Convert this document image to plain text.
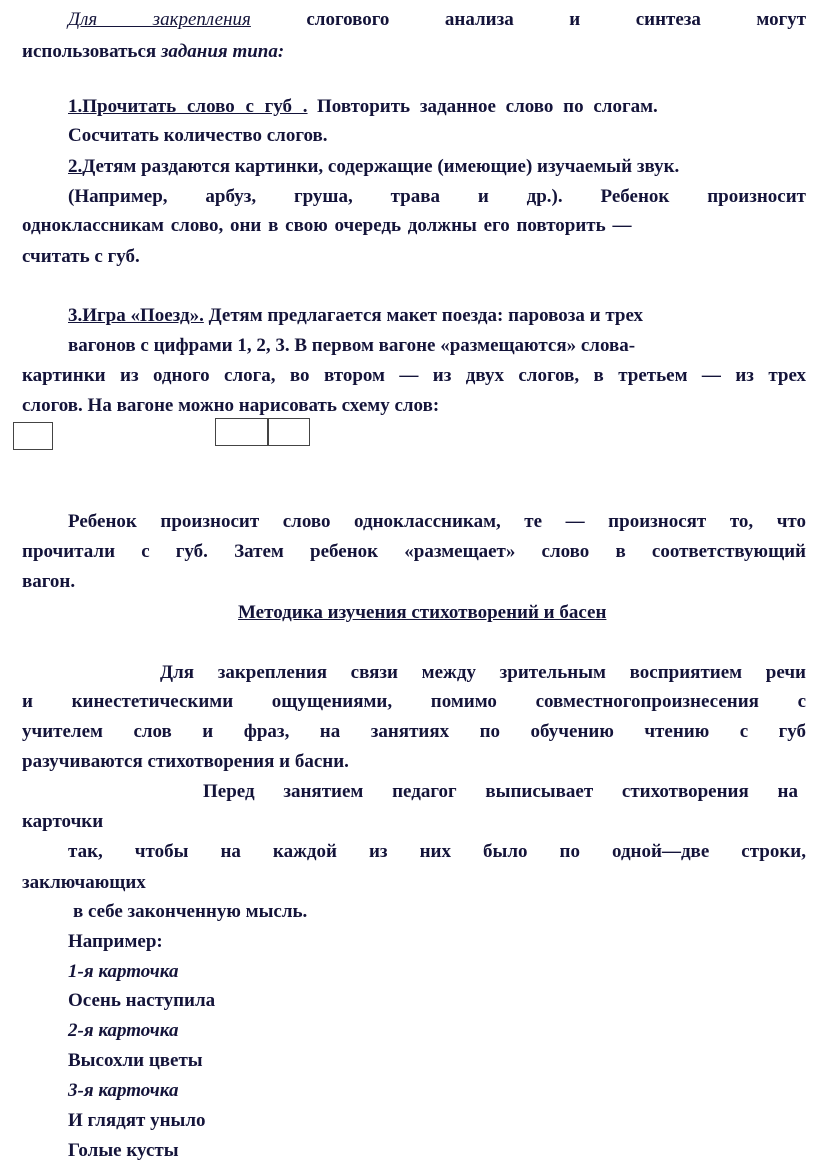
Для закрепления	слогового	анализа	и	синтеза	могут
использоваться задания типа:
1.Прочитать слово с губ . Повторить заданное слово по слогам.
Сосчитать количество слогов.
2.Детям раздаются картинки, содержащие (имеющие) изучаемый звук.
(Например, арбуз, груша, трава и др.). Ребенок произносит
одноклассникам слово, они в свою очередь должны его повторить —
считать с губ.
3.Игра «Поезд». Детям предлагается макет поезда: паровоза и трех
вагонов с цифрами 1, 2, 3. В первом вагоне «размещаются» слова-
картинки из одного слога, во втором — из двух слогов, в третьем — из трех
слогов. На вагоне можно нарисовать схему слов:
Ребенок произносит слово одноклассникам, те — произносят то, что
прочитали с губ. Затем ребенок «размещает» слово в соответствующий
вагон.
Методика изучения стихотворений и басен
Для закрепления связи между зрительным восприятием речи
и кинестетическими ощущениями, помимо совместногопроизнесения с
учителем слов и фраз, на занятиях по обучению чтению с губ
разучиваются стихотворения и басни.
Перед занятием педагог выписывает стихотворения на
карточки
так, чтобы на каждой из них было по одной—две строки,
заключающих
в себе законченную мысль.
Например:
1-я карточка
Осень наступила
2-я карточка
Высохли цветы
3-я карточка
И глядят уныло
Голые кусты
